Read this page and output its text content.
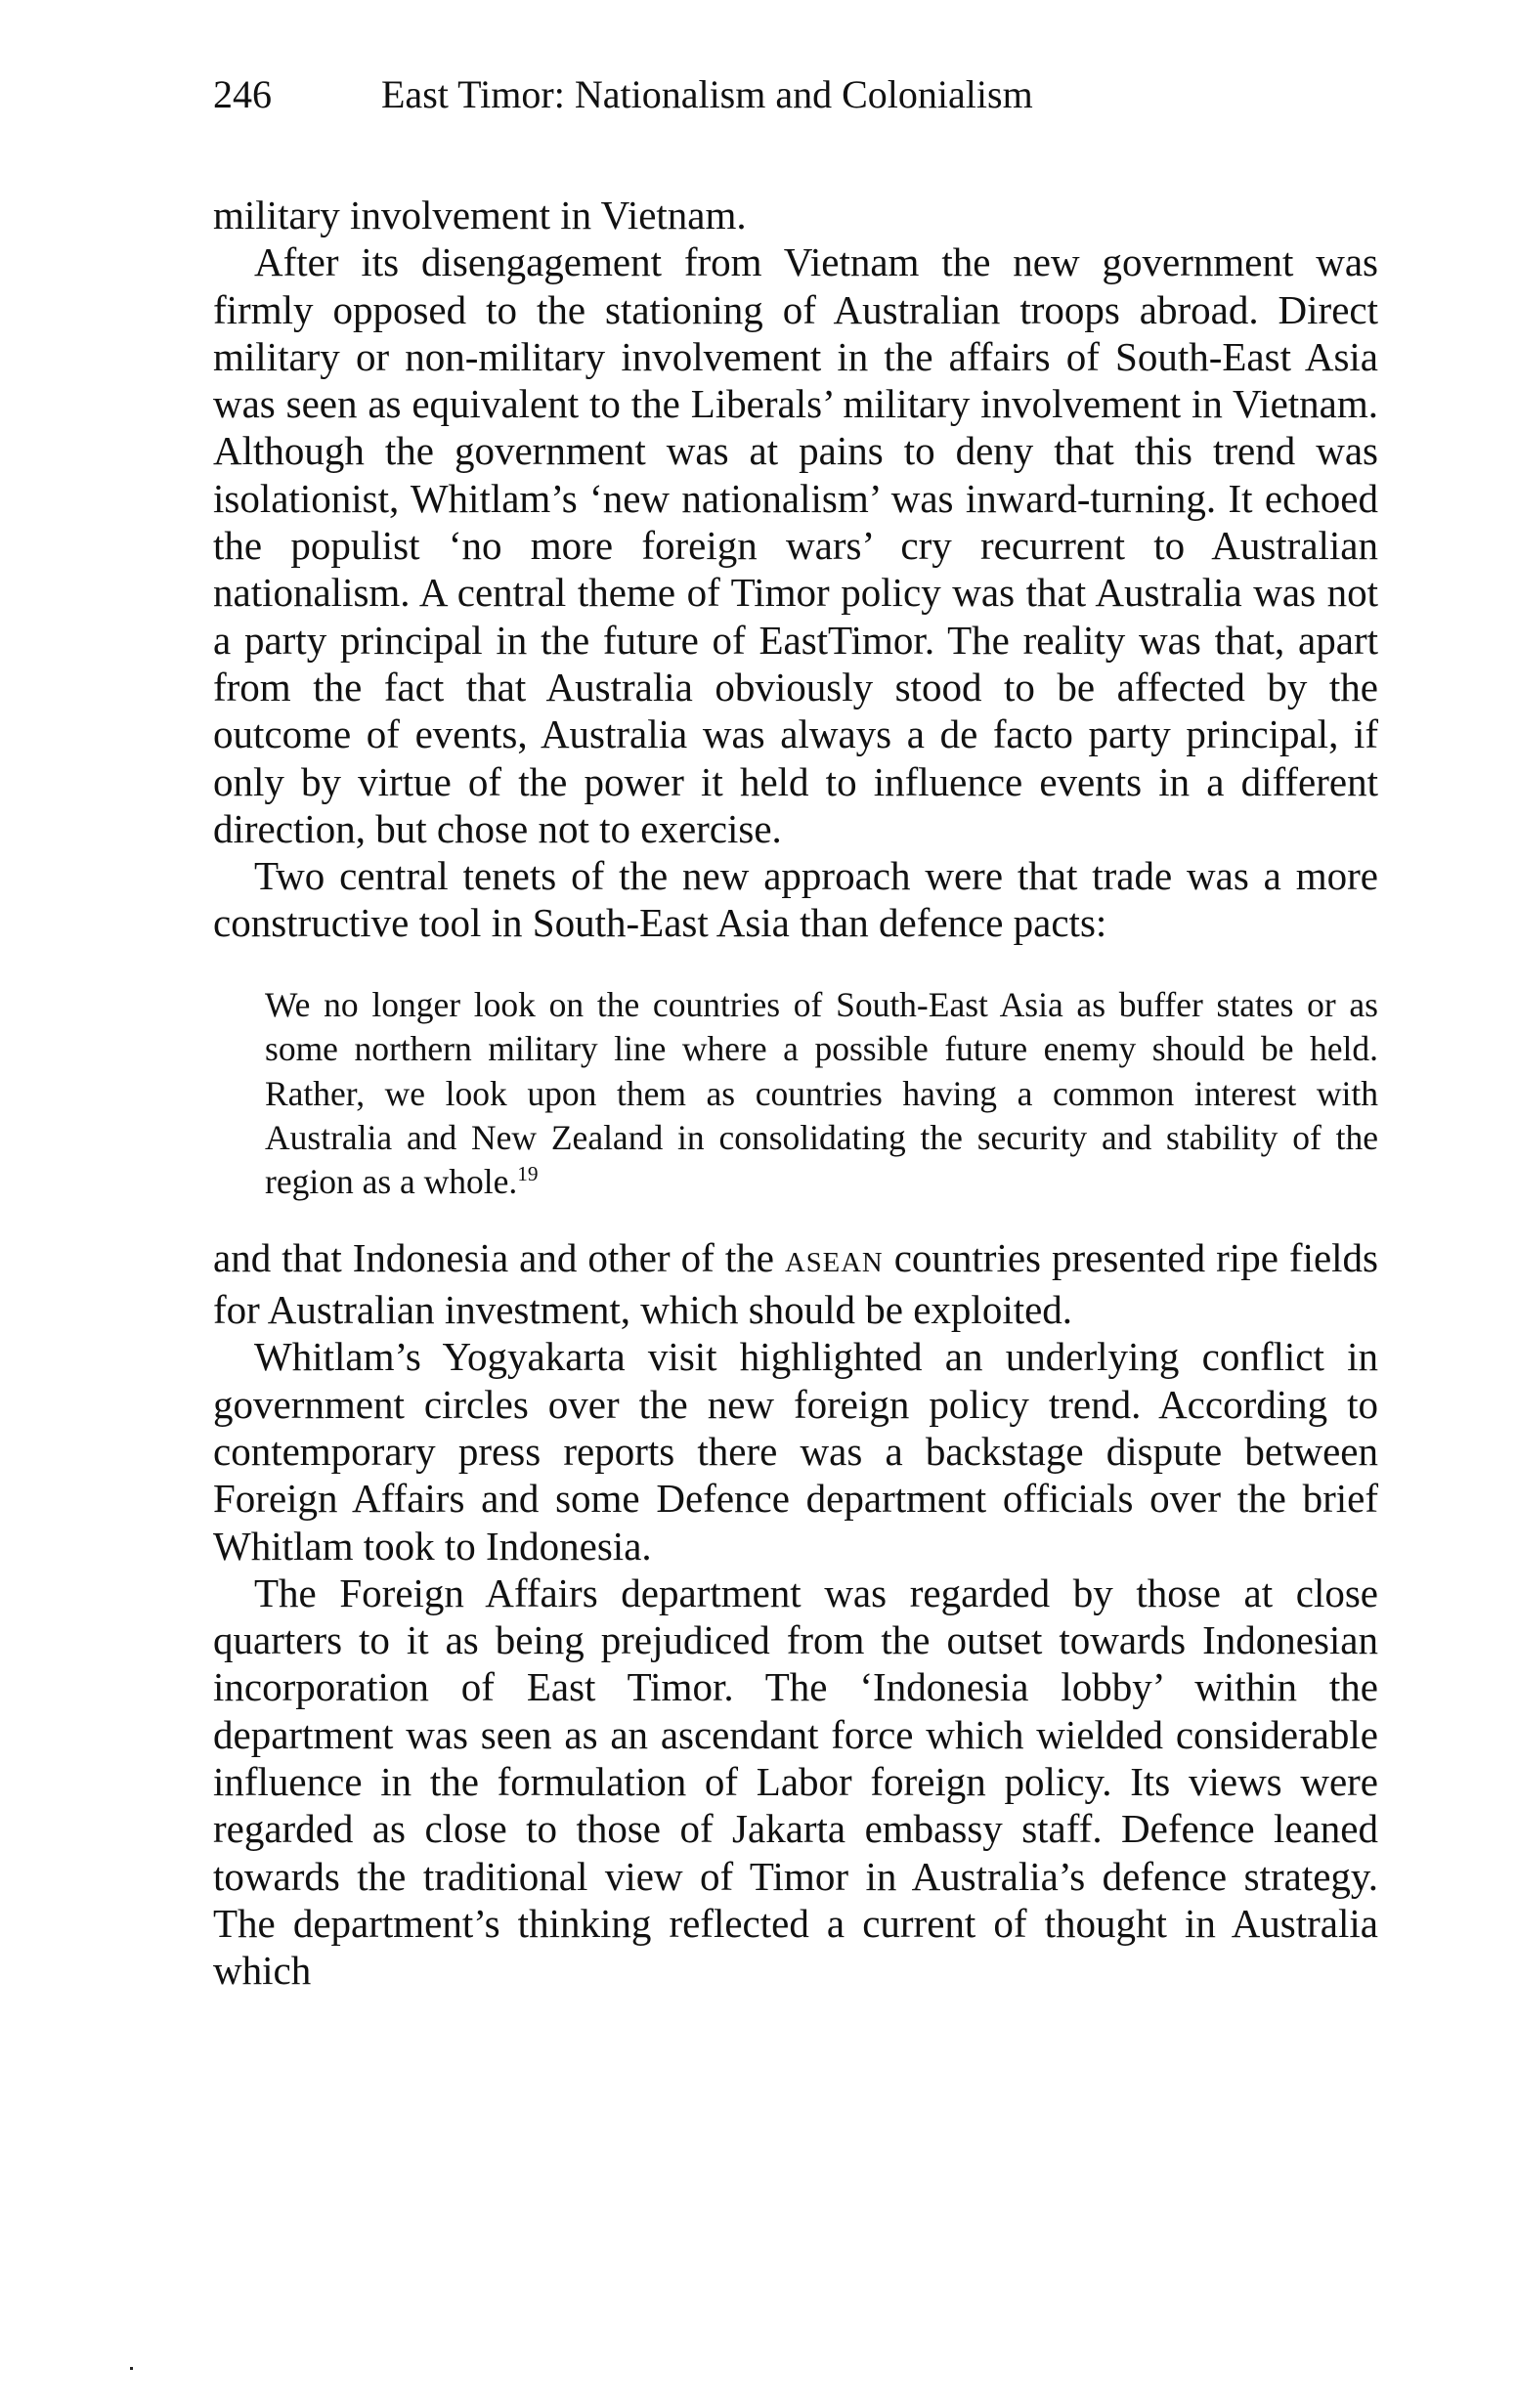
246	East Timor: Nationalism and Colonialism

military involvement in Vietnam.

After its disengagement from Vietnam the new government was firmly opposed to the stationing of Australian troops abroad. Direct military or non-military involvement in the affairs of South-East Asia was seen as equivalent to the Liberals’ military involvement in Vietnam. Although the government was at pains to deny that this trend was isolationist, Whitlam’s ‘new nationalism’ was inward-turning. It echoed the populist ‘no more foreign wars’ cry recurrent to Australian nationalism. A central theme of Timor policy was that Australia was not a party principal in the future of EastTimor. The reality was that, apart from the fact that Australia obviously stood to be affected by the outcome of events, Australia was always a de facto party principal, if only by virtue of the power it held to influence events in a different direction, but chose not to exercise.

Two central tenets of the new approach were that trade was a more constructive tool in South-East Asia than defence pacts:

We no longer look on the countries of South-East Asia as buffer states or as some northern military line where a possible future enemy should be held. Rather, we look upon them as countries having a common interest with Australia and New Zealand in consolidating the security and stability of the region as a whole.$^{19}$

and that Indonesia and other of the ASEAN countries presented ripe fields for Australian investment, which should be exploited.

Whitlam’s Yogyakarta visit highlighted an underlying conflict in government circles over the new foreign policy trend. According to contemporary press reports there was a backstage dispute between Foreign Affairs and some Defence department officials over the brief Whitlam took to Indonesia.

The Foreign Affairs department was regarded by those at close quarters to it as being prejudiced from the outset towards Indonesian incorporation of East Timor. The ‘Indonesia lobby’ within the department was seen as an ascendant force which wielded considerable influence in the formulation of Labor foreign policy. Its views were regarded as close to those of Jakarta embassy staff. Defence leaned towards the traditional view of Timor in Australia’s defence strategy. The department’s thinking reflected a current of thought in Australia which
